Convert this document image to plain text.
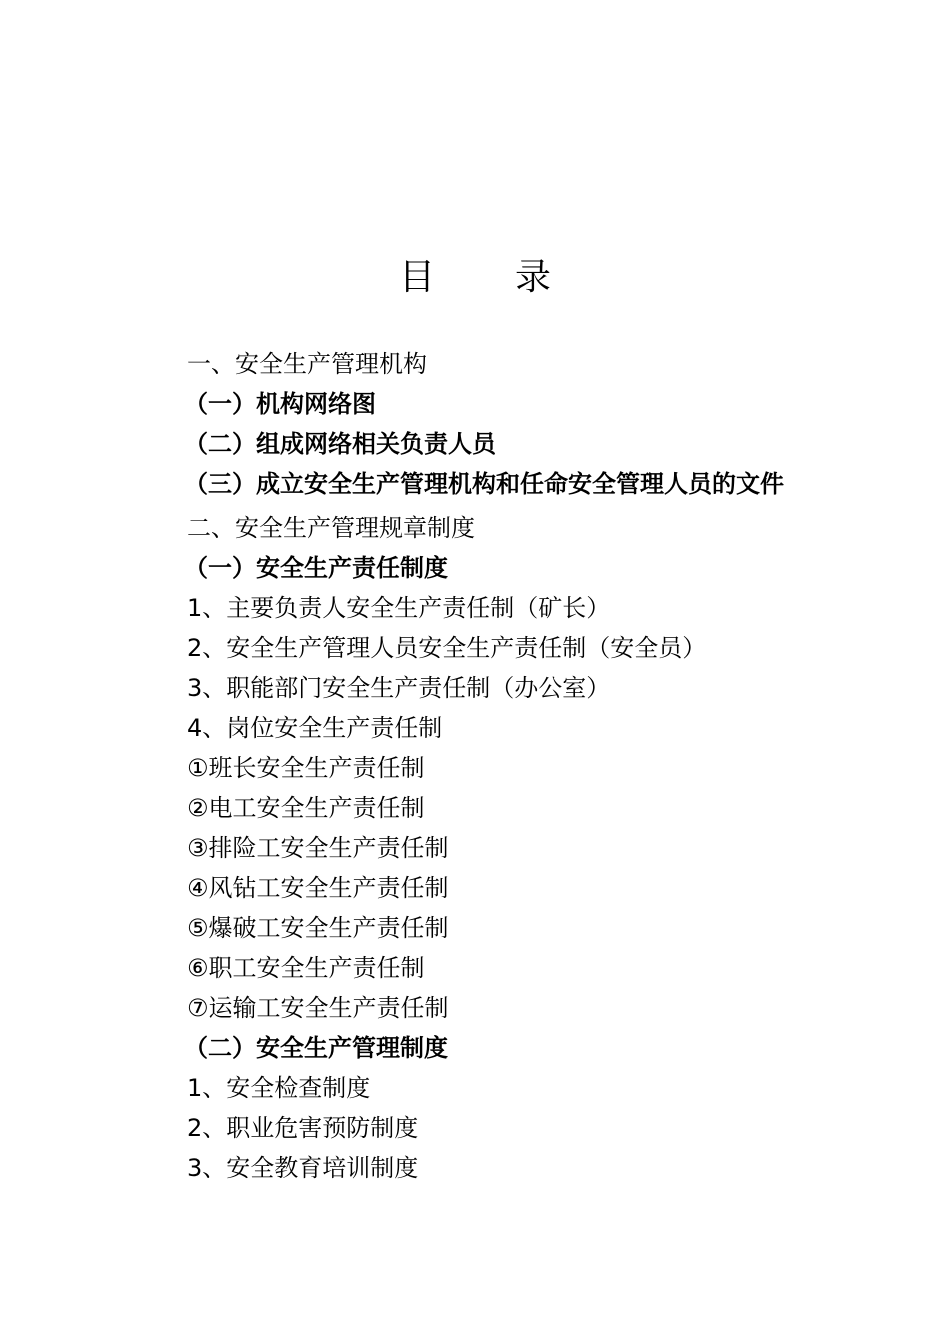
目 录
一、安全生产管理机构
（一）机构网络图
（二）组成网络相关负责人员
（三）成立安全生产管理机构和任命安全管理人员的文件
二、安全生产管理规章制度
（一）安全生产责任制度
1、主要负责人安全生产责任制（矿长）
2、安全生产管理人员安全生产责任制（安全员）
3、职能部门安全生产责任制（办公室）
4、岗位安全生产责任制
①班长安全生产责任制
②电工安全生产责任制
③排险工安全生产责任制
④风钻工安全生产责任制
⑤爆破工安全生产责任制
⑥职工安全生产责任制
⑦运输工安全生产责任制
（二）安全生产管理制度
1、安全检查制度
2、职业危害预防制度
3、安全教育培训制度
